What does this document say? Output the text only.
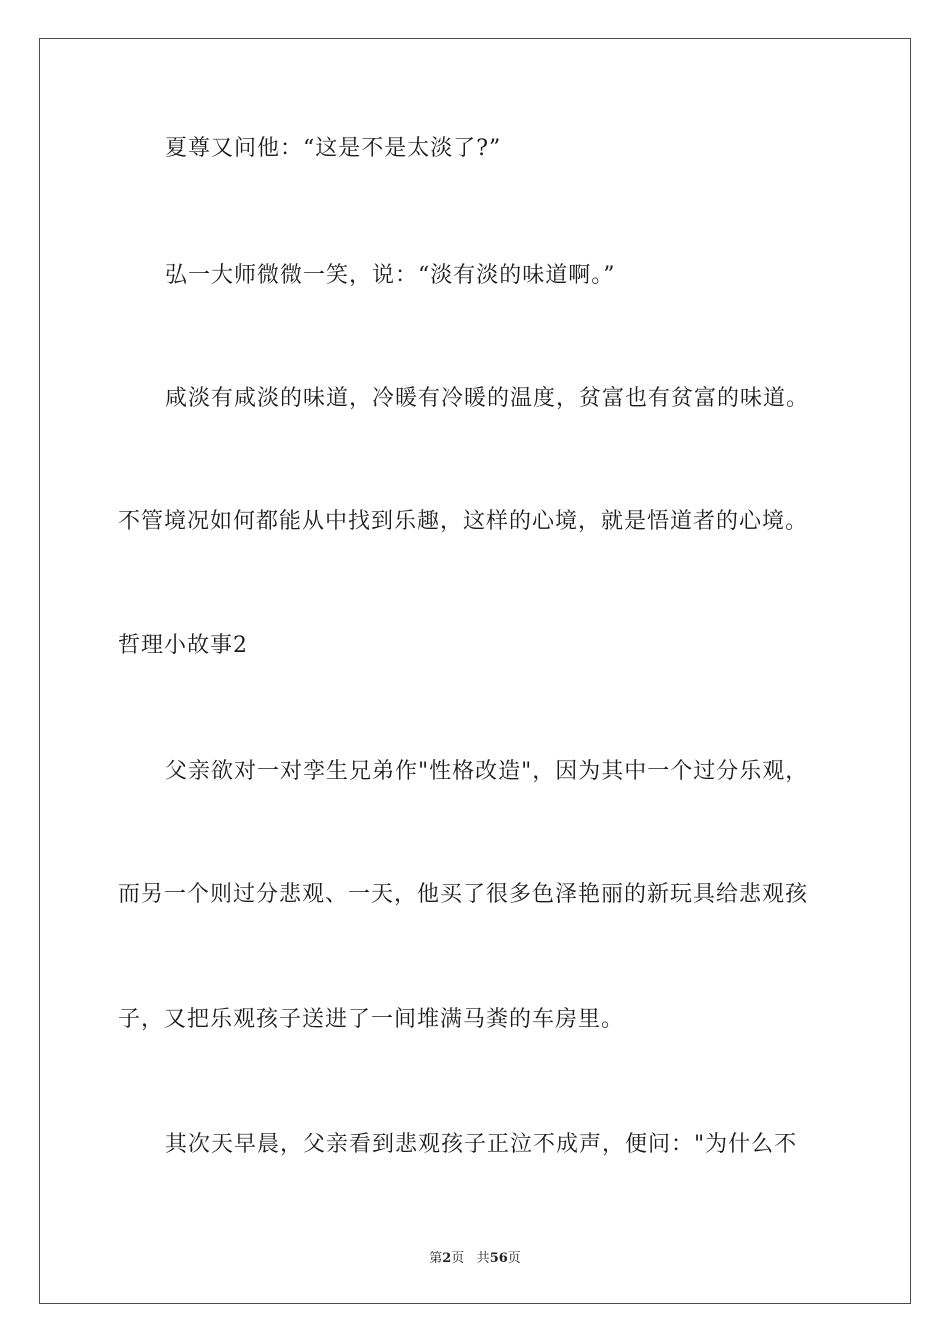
夏尊又问他：“这是不是太淡了?”
弘一大师微微一笑，说：“淡有淡的味道啊。”
咸淡有咸淡的味道，冷暖有冷暖的温度，贫富也有贫富的味道。
不管境况如何都能从中找到乐趣，这样的心境，就是悟道者的心境。
哲理小故事2
父亲欲对一对孪生兄弟作"性格改造"，因为其中一个过分乐观，
而另一个则过分悲观、一天，他买了很多色泽艳丽的新玩具给悲观孩
子，又把乐观孩子送进了一间堆满马粪的车房里。
其次天早晨，父亲看到悲观孩子正泣不成声，便问："为什么不
第2页 共56页
